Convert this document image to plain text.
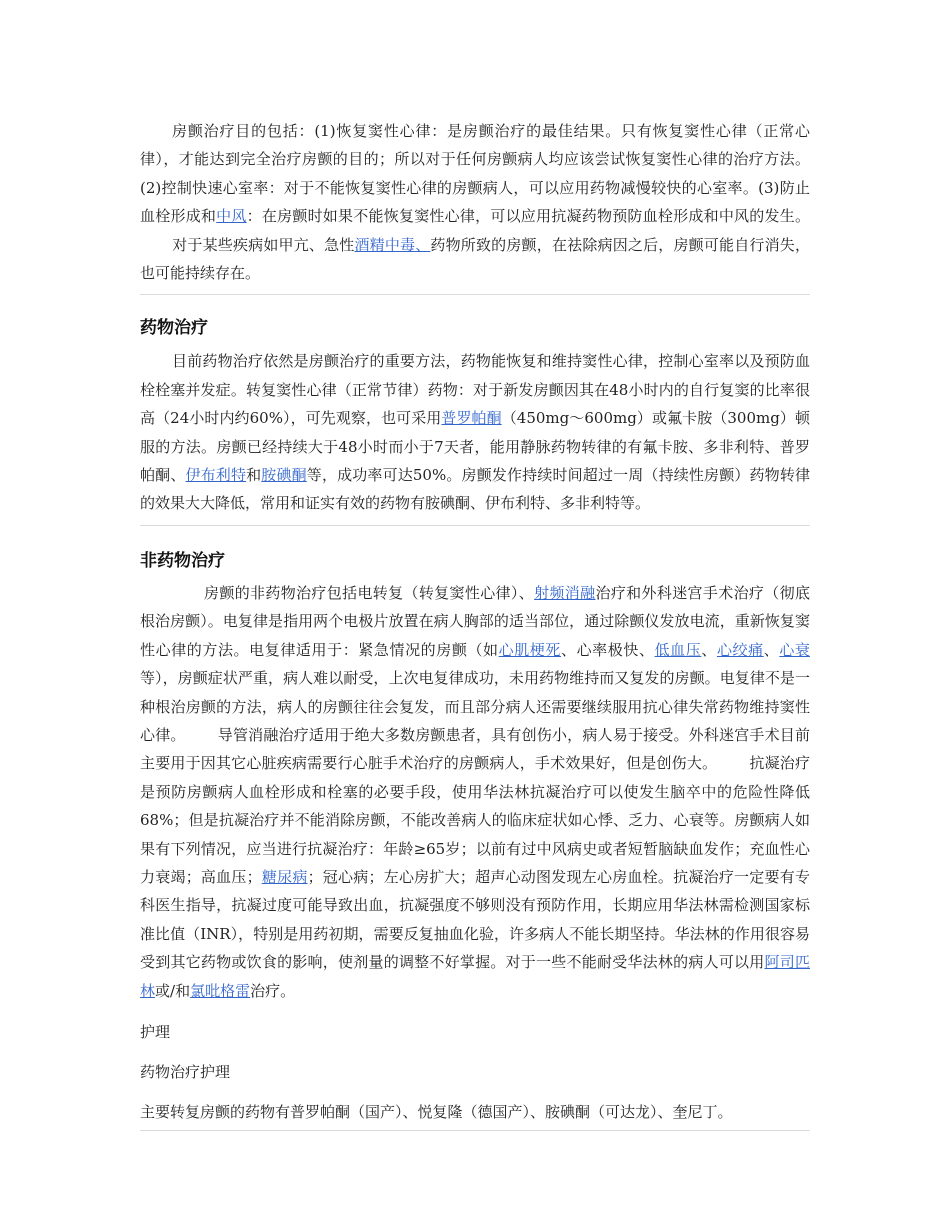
房颤治疗目的包括：(1)恢复窦性心律：是房颤治疗的最佳结果。只有恢复窦性心律（正常心律），才能达到完全治疗房颤的目的；所以对于任何房颤病人均应该尝试恢复窦性心律的治疗方法。(2)控制快速心室率：对于不能恢复窦性心律的房颤病人，可以应用药物减慢较快的心室率。(3)防止血栓形成和中风：在房颤时如果不能恢复窦性心律，可以应用抗凝药物预防血栓形成和中风的发生。对于某些疾病如甲亢、急性酒精中毒、药物所致的房颤，在祛除病因之后，房颤可能自行消失，也可能持续存在。

药物治疗

目前药物治疗依然是房颤治疗的重要方法，药物能恢复和维持窦性心律，控制心室率以及预防血栓栓塞并发症。转复窦性心律（正常节律）药物：对于新发房颤因其在48小时内的自行复窦的比率很高（24小时内约60%），可先观察，也可采用普罗帕酮（450mg～600mg）或氟卡胺（300mg）顿服的方法。房颤已经持续大于48小时而小于7天者，能用静脉药物转律的有氟卡胺、多非利特、普罗帕酮、伊布利特和胺碘酮等，成功率可达50%。房颤发作持续时间超过一周（持续性房颤）药物转律的效果大大降低，常用和证实有效的药物有胺碘酮、伊布利特、多非利特等。

非药物治疗

房颤的非药物治疗包括电转复（转复窦性心律）、射频消融治疗和外科迷宫手术治疗（彻底根治房颤）。电复律是指用两个电极片放置在病人胸部的适当部位，通过除颤仪发放电流，重新恢复窦性心律的方法。电复律适用于：紧急情况的房颤（如心肌梗死、心率极快、低血压、心绞痛、心衰等），房颤症状严重，病人难以耐受，上次电复律成功，未用药物维持而又复发的房颤。电复律不是一种根治房颤的方法，病人的房颤往往会复发，而且部分病人还需要继续服用抗心律失常药物维持窦性心律。 导管消融治疗适用于绝大多数房颤患者，具有创伤小，病人易于接受。外科迷宫手术目前主要用于因其它心脏疾病需要行心脏手术治疗的房颤病人，手术效果好，但是创伤大。 抗凝治疗是预防房颤病人血栓形成和栓塞的必要手段，使用华法林抗凝治疗可以使发生脑卒中的危险性降低68%；但是抗凝治疗并不能消除房颤，不能改善病人的临床症状如心悸、乏力、心衰等。房颤病人如果有下列情况，应当进行抗凝治疗：年龄≥65岁；以前有过中风病史或者短暂脑缺血发作；充血性心力衰竭；高血压；糖尿病；冠心病；左心房扩大；超声心动图发现左心房血栓。抗凝治疗一定要有专科医生指导，抗凝过度可能导致出血，抗凝强度不够则没有预防作用，长期应用华法林需检测国家标准比值（INR），特别是用药初期，需要反复抽血化验，许多病人不能长期坚持。华法林的作用很容易受到其它药物或饮食的影响，使剂量的调整不好掌握。对于一些不能耐受华法林的病人可以用阿司匹林或/和氯吡格雷治疗。

护理

药物治疗护理

主要转复房颤的药物有普罗帕酮（国产）、悦复隆（德国产）、胺碘酮（可达龙）、奎尼丁。
